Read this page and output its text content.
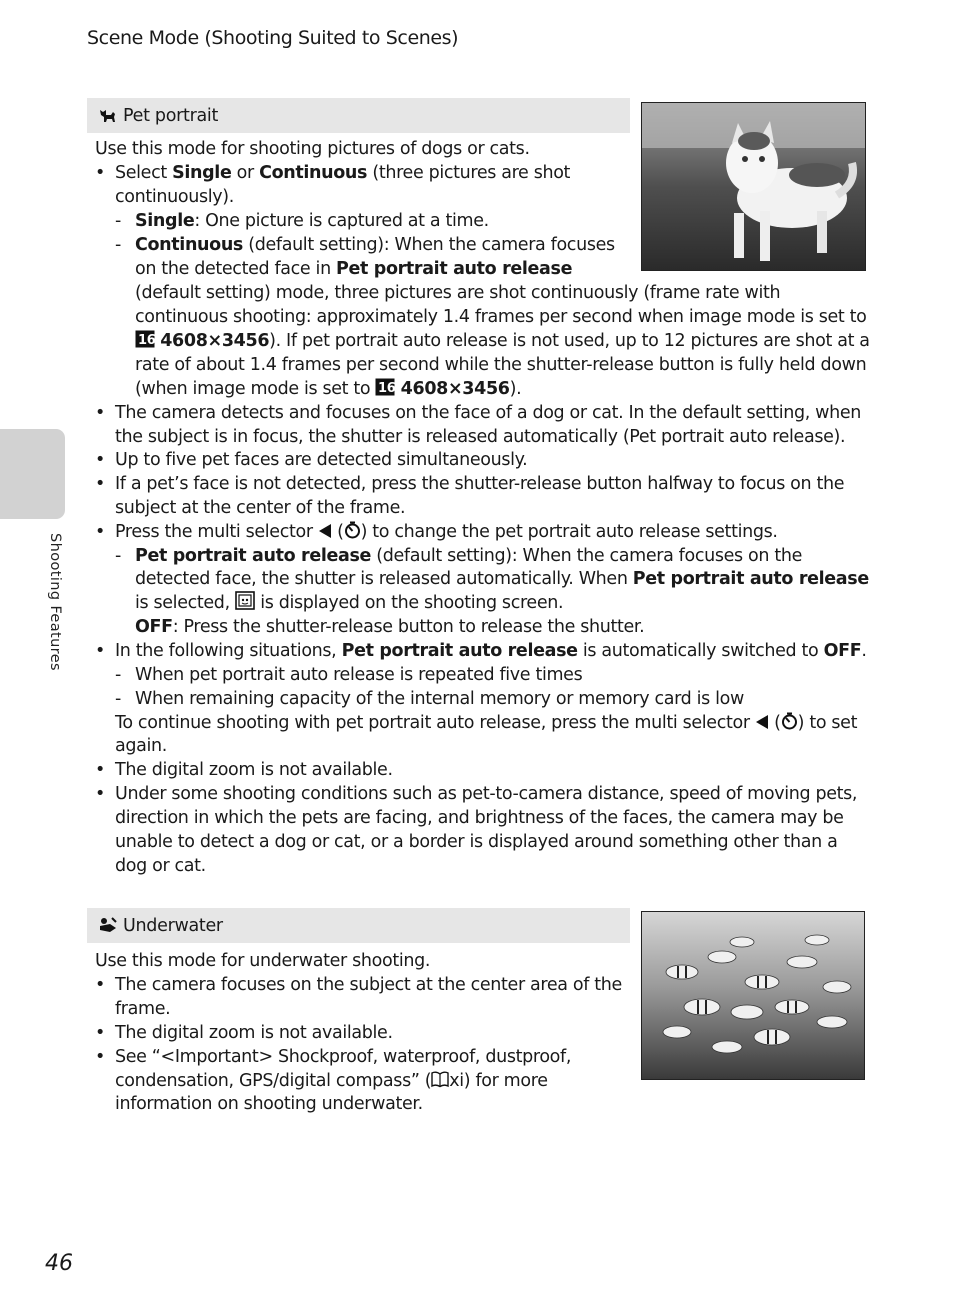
Scene Mode (Shooting Suited to Scenes)
Shooting Features
Pet portrait
Use this mode for shooting pictures of dogs or cats.
• Select Single or Continuous (three pictures are shot
continuously).
- Single: One picture is captured at a time.
- Continuous (default setting): When the camera focuses
on the detected face in Pet portrait auto release
(default setting) mode, three pictures are shot continuously (frame rate with
continuous shooting: approximately 1.4 frames per second when image mode is set to
16 4608×3456). If pet portrait auto release is not used, up to 12 pictures are shot at a
rate of about 1.4 frames per second while the shutter-release button is fully held down
(when image mode is set to 16 4608×3456).
• The camera detects and focuses on the face of a dog or cat. In the default setting, when
the subject is in focus, the shutter is released automatically (Pet portrait auto release).
• Up to five pet faces are detected simultaneously.
• If a pet’s face is not detected, press the shutter-release button halfway to focus on the
subject at the center of the frame.
• Press the multi selector  ( ) to change the pet portrait auto release settings.
- Pet portrait auto release (default setting): When the camera focuses on the
detected face, the shutter is released automatically. When Pet portrait auto release
is selected,  is displayed on the shooting screen.
OFF: Press the shutter-release button to release the shutter.
• In the following situations, Pet portrait auto release is automatically switched to OFF.
- When pet portrait auto release is repeated five times
- When remaining capacity of the internal memory or memory card is low
To continue shooting with pet portrait auto release, press the multi selector  ( ) to set
again.
• The digital zoom is not available.
• Under some shooting conditions such as pet-to-camera distance, speed of moving pets,
direction in which the pets are facing, and brightness of the faces, the camera may be
unable to detect a dog or cat, or a border is displayed around something other than a
dog or cat.
Underwater
Use this mode for underwater shooting.
• The camera focuses on the subject at the center area of the
frame.
• The digital zoom is not available.
• See “<Important> Shockproof, waterproof, dustproof,
condensation, GPS/digital compass” ( xi) for more
information on shooting underwater.
46
